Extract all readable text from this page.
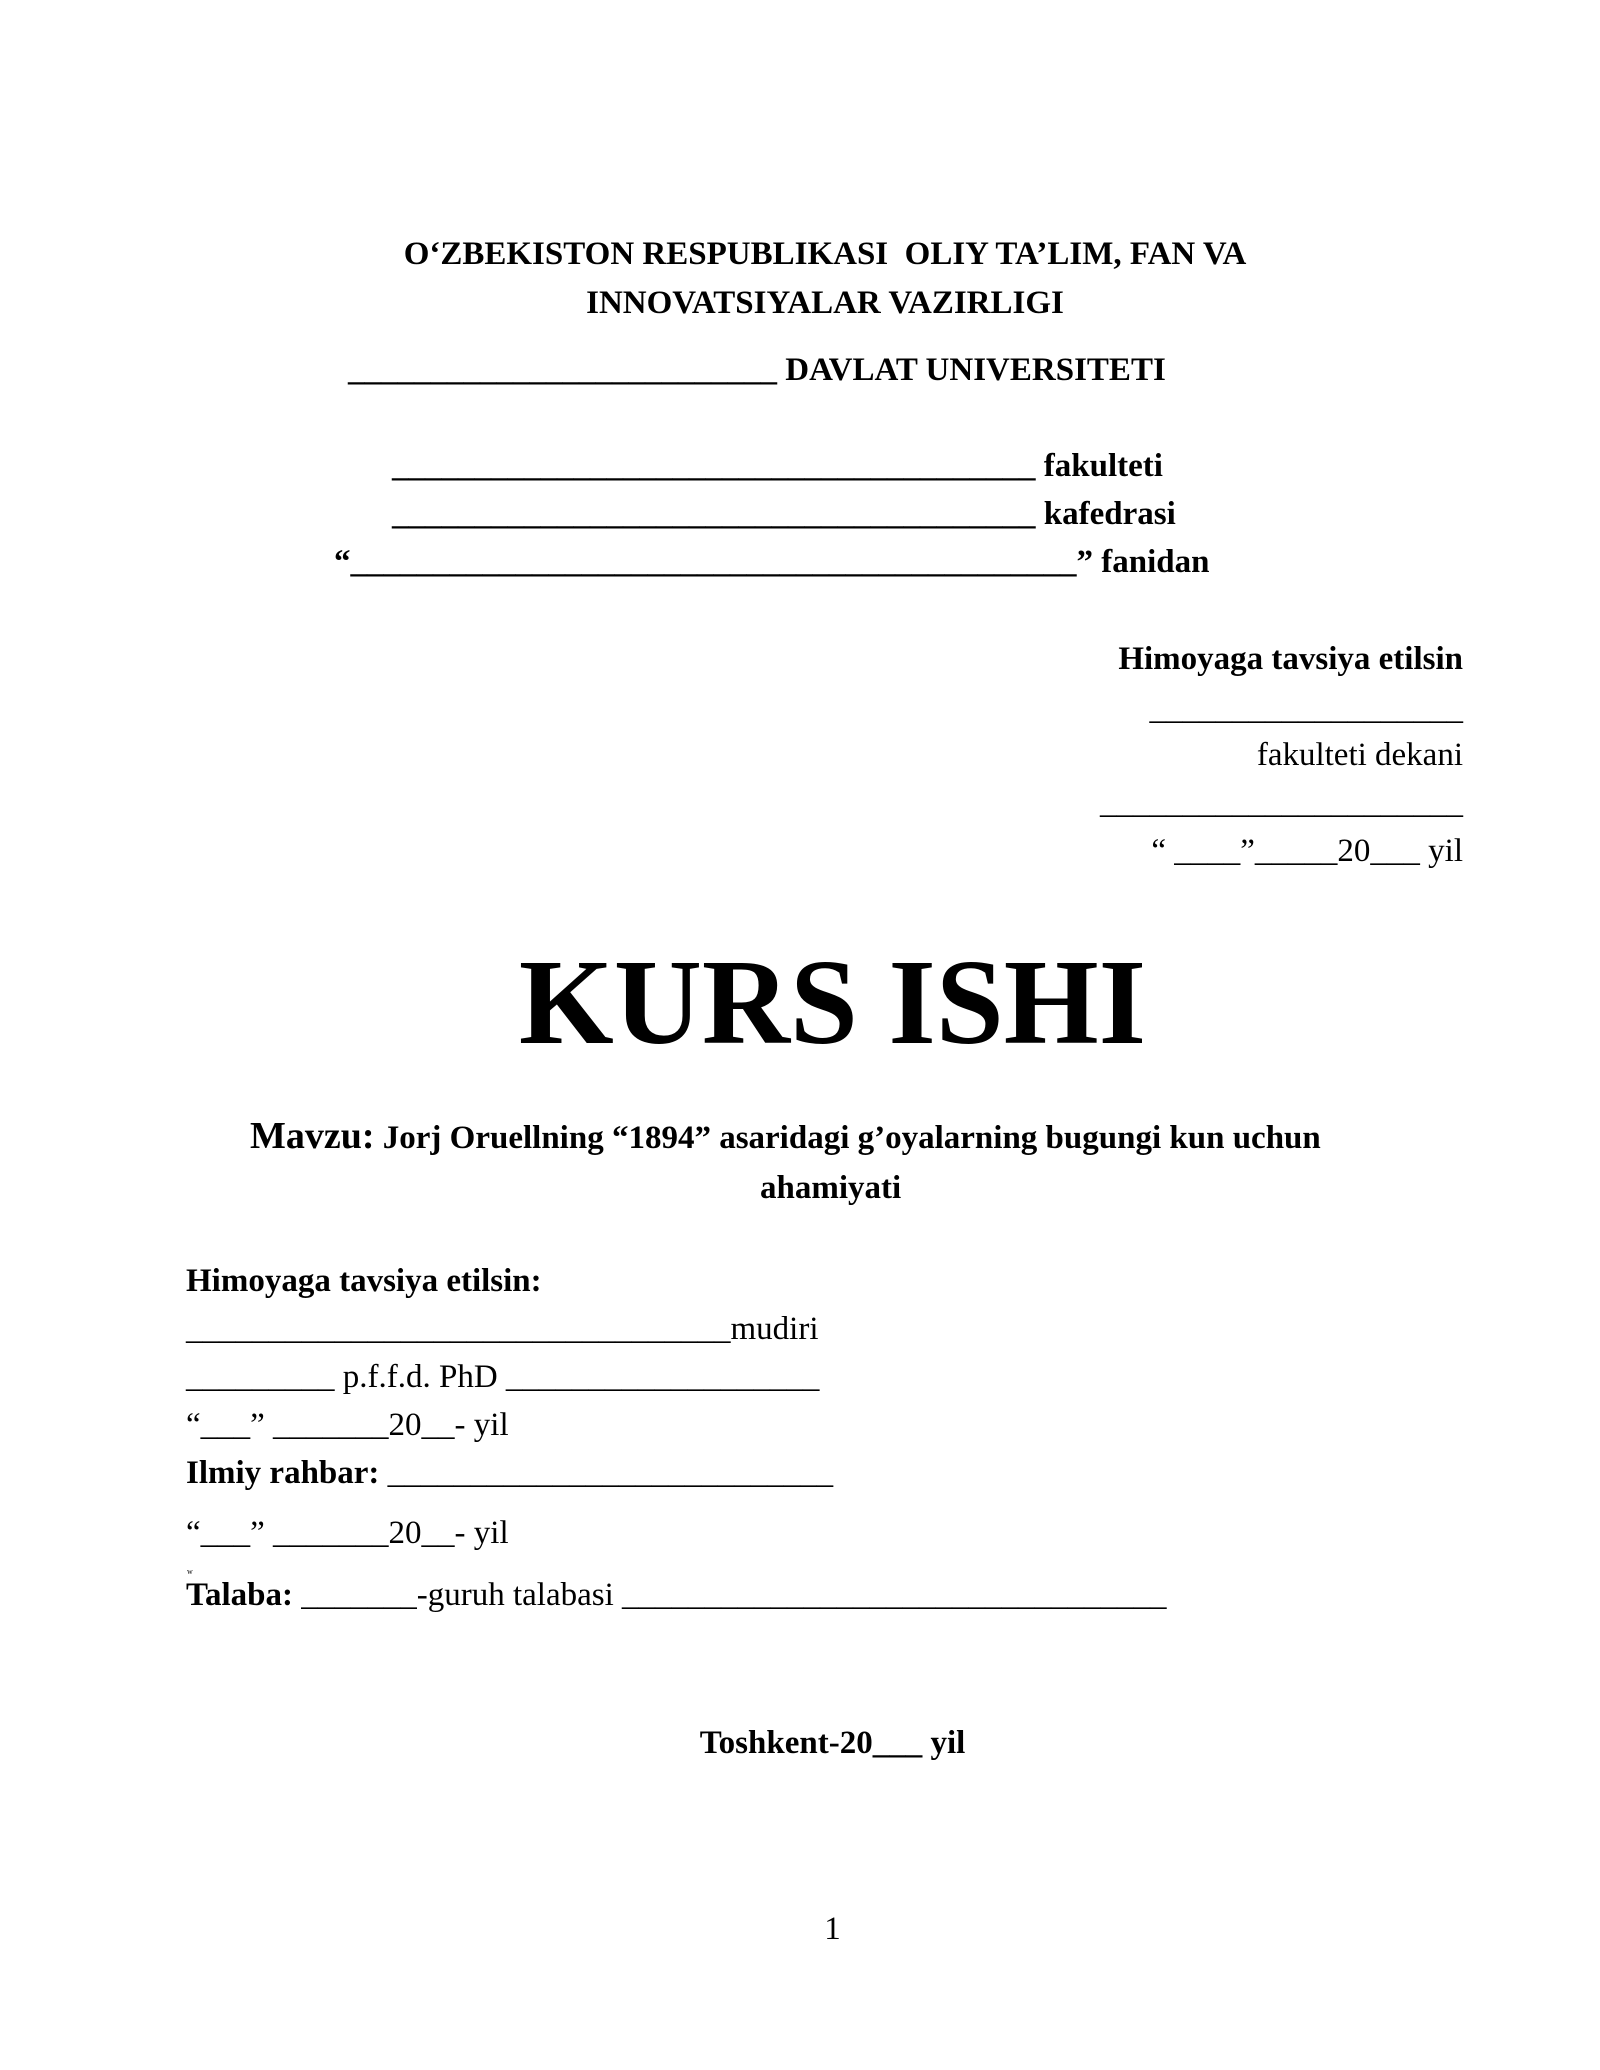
O‘ZBEKISTON RESPUBLIKASI  OLIY TA’LIM, FAN VA
INNOVATSIYALAR VAZIRLIGI
__________________________ DAVLAT UNIVERSITETI
_______________________________________ fakulteti
_______________________________________ kafedrasi
“____________________________________________” fanidan
Himoyaga tavsiya etilsin
___________________
fakulteti dekani
______________________
“ ____”_____20___ yil
KURS ISHI
Mavzu: Jorj Oruellning “1894” asaridagi g’oyalarning bugungi kun uchun
ahamiyati
Himoyaga tavsiya etilsin:
_________________________________mudiri
_________ p.f.f.d. PhD ___________________
“___” _______20__- yil
Ilmiy rahbar: ___________________________
“___” _______20__- yil
w
Talaba: _______-guruh talabasi _________________________________
Toshkent-20___ yil
1
